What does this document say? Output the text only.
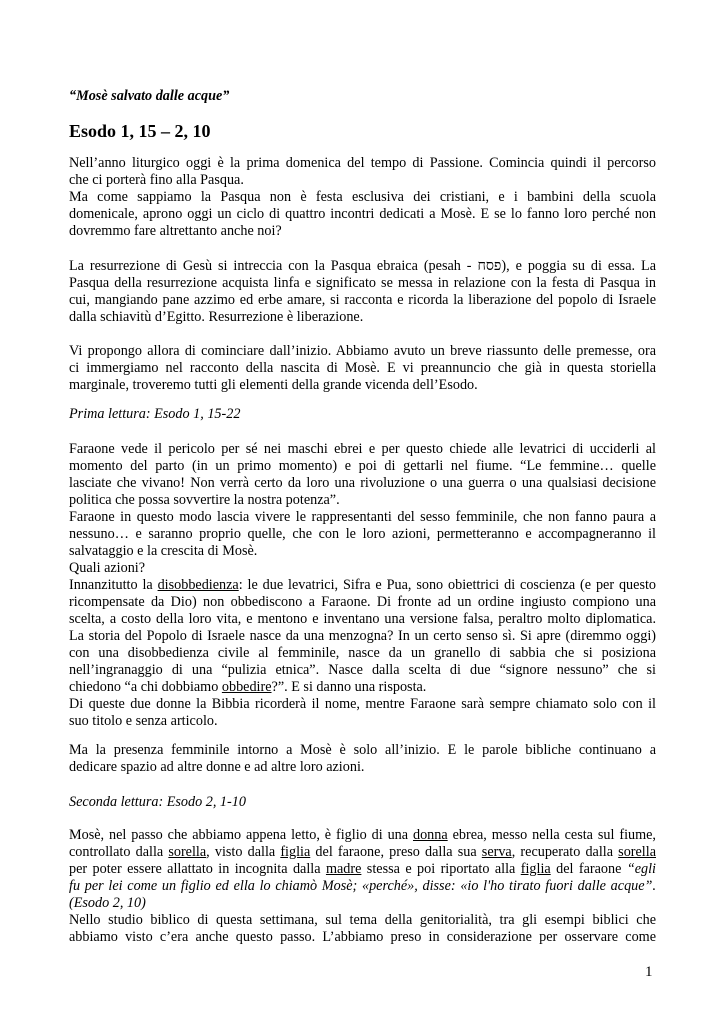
“Mosè salvato dalle acque”
Esodo 1, 15 – 2, 10
Nell’anno liturgico oggi è la prima domenica del tempo di Passione. Comincia quindi il percorso
che ci porterà fino alla Pasqua.
Ma come sappiamo la Pasqua non è festa esclusiva dei cristiani, e i bambini della scuola
domenicale, aprono oggi un ciclo di quattro incontri dedicati a Mosè. E se lo fanno loro perché non
dovremmo fare altrettanto anche noi?
La resurrezione di Gesù si intreccia con la Pasqua ebraica (pesah - פסח), e poggia su di essa. La
Pasqua della resurrezione acquista linfa e significato se messa in relazione con la festa di Pasqua in
cui, mangiando pane azzimo ed erbe amare, si racconta e ricorda la liberazione del popolo di Israele
dalla schiavitù d’Egitto. Resurrezione è liberazione.
Vi propongo allora di cominciare dall’inizio. Abbiamo avuto un breve riassunto delle premesse, ora
ci immergiamo nel racconto della nascita di Mosè. E vi preannuncio che già in questa storiella
marginale, troveremo tutti gli elementi della grande vicenda dell’Esodo.
Prima lettura: Esodo 1, 15-22
Faraone vede il pericolo per sé nei maschi ebrei e per questo chiede alle levatrici di ucciderli al
momento del parto (in un primo momento) e poi di gettarli nel fiume. “Le femmine… quelle
lasciate che vivano! Non verrà certo da loro una rivoluzione o una guerra o una qualsiasi decisione
politica che possa sovvertire la nostra potenza”.
Faraone in questo modo lascia vivere le rappresentanti del sesso femminile, che non fanno paura a
nessuno… e saranno proprio quelle, che con le loro azioni, permetteranno e accompagneranno il
salvataggio e la crescita di Mosè.
Quali azioni?
Innanzitutto la disobbedienza: le due levatrici, Sifra e Pua, sono obiettrici di coscienza (e per questo
ricompensate da Dio) non obbediscono a Faraone. Di fronte ad un ordine ingiusto compiono una
scelta, a costo della loro vita, e mentono e inventano una versione falsa, peraltro molto diplomatica.
La storia del Popolo di Israele nasce da una menzogna? In un certo senso sì. Si apre (diremmo oggi)
con una disobbedienza civile al femminile, nasce da un granello di sabbia che si posiziona
nell’ingranaggio di una “pulizia etnica”. Nasce dalla scelta di due “signore nessuno” che si
chiedono “a chi dobbiamo obbedire?”. E si danno una risposta.
Di queste due donne la Bibbia ricorderà il nome, mentre Faraone sarà sempre chiamato solo con il
suo titolo e senza articolo.
Ma la presenza femminile intorno a Mosè è solo all’inizio. E le parole bibliche continuano a
dedicare spazio ad altre donne e ad altre loro azioni.
Seconda lettura: Esodo 2, 1-10
Mosè, nel passo che abbiamo appena letto, è figlio di una donna ebrea, messo nella cesta sul fiume,
controllato dalla sorella, visto dalla figlia del faraone, preso dalla sua serva, recuperato dalla sorella
per poter essere allattato in incognita dalla madre stessa e poi riportato alla figlia del faraone “egli
fu per lei come un figlio ed ella lo chiamò Mosè; «perché», disse: «io l'ho tirato fuori dalle acque”.
(Esodo 2, 10)
Nello studio biblico di questa settimana, sul tema della genitorialità, tra gli esempi biblici che
abbiamo visto c’era anche questo passo. L’abbiamo preso in considerazione per osservare come
1
